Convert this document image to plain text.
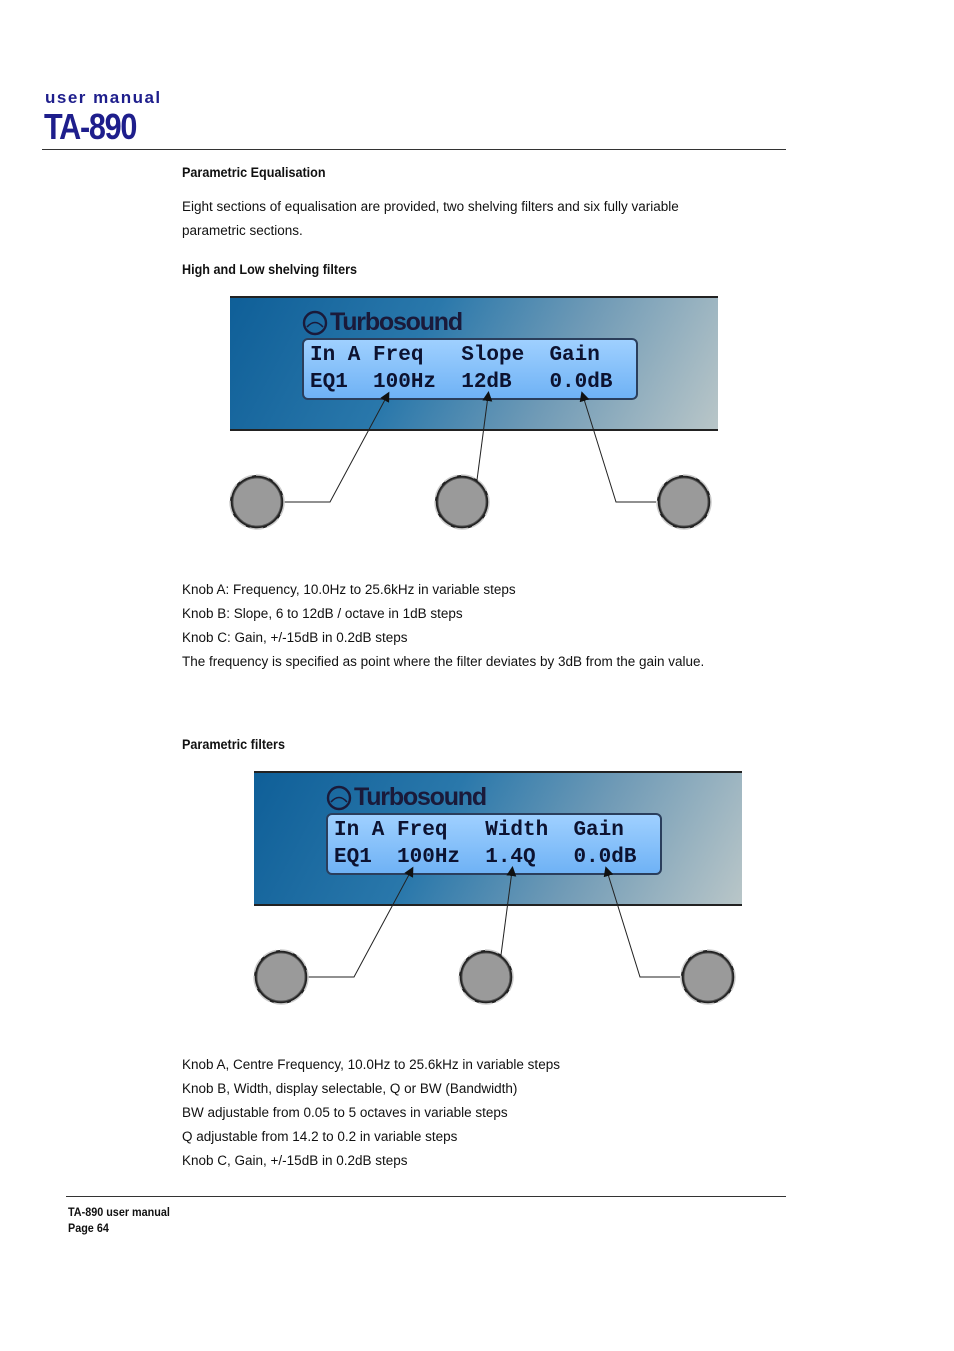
user manual
TA-890
Parametric Equalisation
Eight sections of equalisation are provided, two shelving filters and six fully variable
parametric sections.
High and Low shelving filters
Turbosound
In A Freq   Slope  Gain
EQ1  100Hz  12dB   0.0dB
Knob A: Frequency, 10.0Hz to 25.6kHz in variable steps
Knob B: Slope, 6 to 12dB / octave in 1dB steps
Knob C: Gain, +/-15dB in 0.2dB steps
The frequency is specified as point where the filter deviates by 3dB from the gain value.
Parametric filters
Turbosound
In A Freq   Width  Gain
EQ1  100Hz  1.4Q   0.0dB
Knob A, Centre Frequency, 10.0Hz to 25.6kHz in variable steps
Knob B, Width, display selectable, Q or BW (Bandwidth)
BW adjustable from 0.05 to 5 octaves in variable steps
Q adjustable from 14.2 to 0.2 in variable steps
Knob C, Gain, +/-15dB in 0.2dB steps
TA-890 user manual
Page 64
